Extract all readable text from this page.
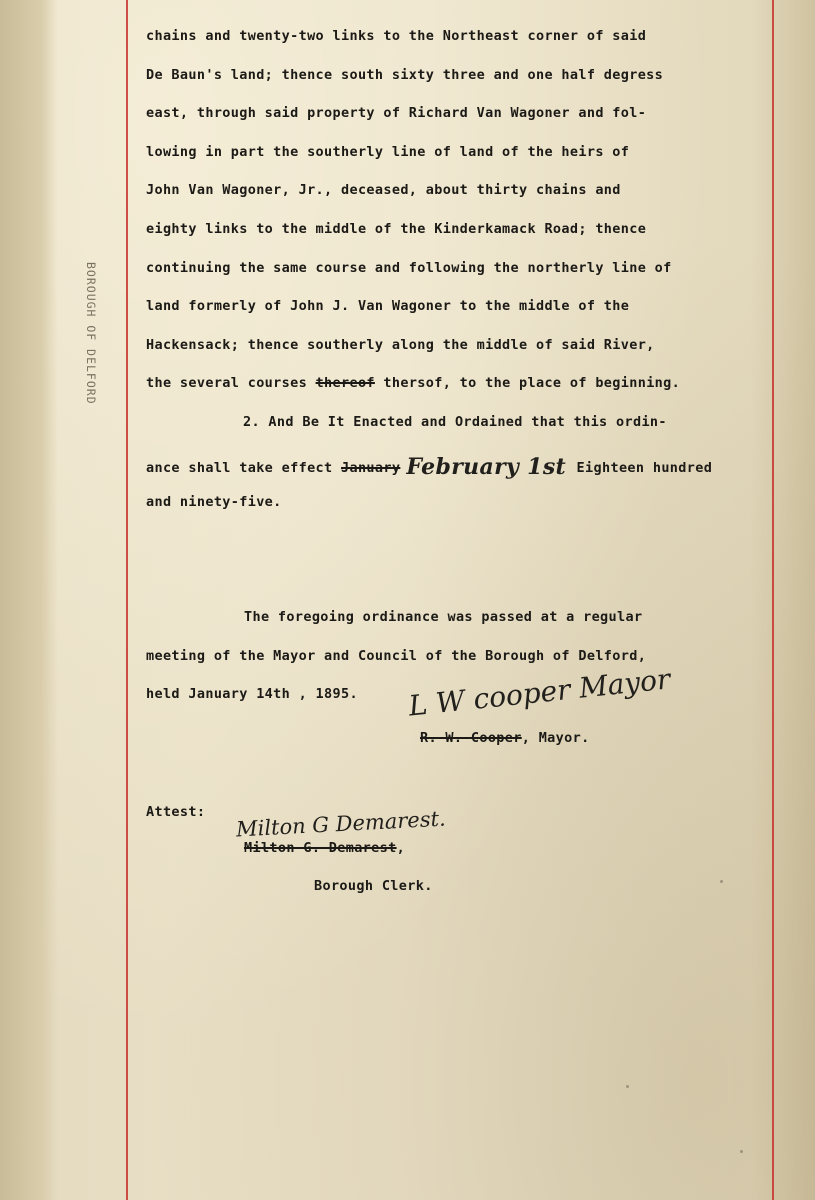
BOROUGH OF DELFORD
chains and twenty-two links to the Northeast corner of said
De Baun's land; thence south sixty three and one half degress
east, through said property of Richard Van Wagoner and fol-
lowing in part the southerly line of land of the heirs of
John Van Wagoner, Jr., deceased, about thirty chains and
eighty links to the middle of the Kinderkamack Road; thence
continuing the same course and following the northerly line of
land formerly of John J. Van Wagoner to the middle of the
Hackensack; thence southerly along the middle of said River,
the several courses thereof thersof, to the place of beginning.
2. And Be It Enacted and Ordained that this ordin-
ance shall take effect January February 1st Eighteen hundred
and ninety-five.
The foregoing ordinance was passed at a regular
meeting of the Mayor and Council of the Borough of Delford,
held January 14th , 1895. L W cooper Mayor
R. W. Cooper, Mayor.
Attest: Milton G Demarest.
Milton G. Demarest,
Borough Clerk.
